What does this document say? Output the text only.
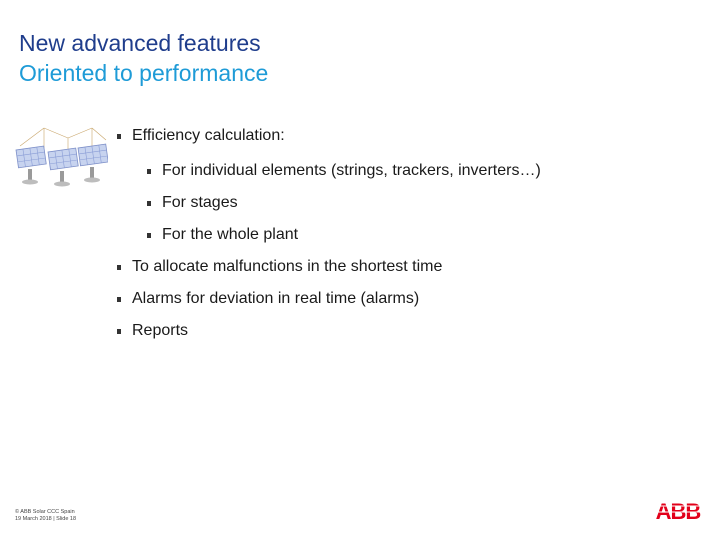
New advanced features
Oriented to performance
Efficiency calculation:
For individual elements (strings, trackers, inverters…)
For stages
For the whole plant
To allocate malfunctions in the shortest time
Alarms for deviation in real time (alarms)
Reports
© ABB Solar CCC Spain
19 March 2018 | Slide 18	ABB
